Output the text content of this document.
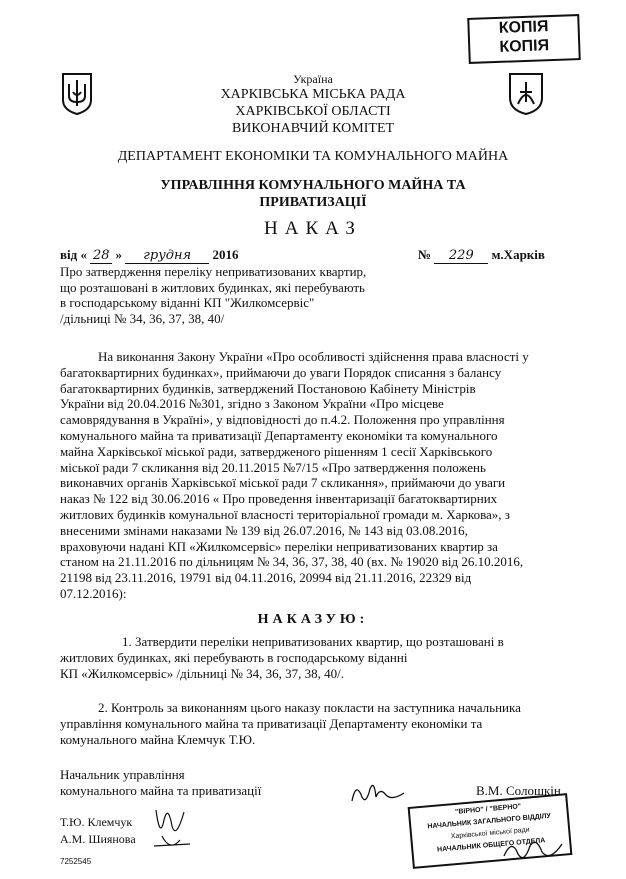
КОПІЯ
КОПІЯ
Україна
ХАРКІВСЬКА МІСЬКА РАДА
ХАРКІВСЬКОЇ ОБЛАСТІ
ВИКОНАВЧИЙ КОМІТЕТ
ДЕПАРТАМЕНТ ЕКОНОМІКИ ТА КОМУНАЛЬНОГО МАЙНА
УПРАВЛІННЯ КОМУНАЛЬНОГО МАЙНА ТА
ПРИВАТИЗАЦІЇ
НАКАЗ
від « 28 » грудня 2016	№ 229 м.Харків
Про затвердження переліку неприватизованих квартир,
що розташовані в житлових будинках, які перебувають
в господарському віданні КП "Жилкомсервіс"
/дільниці № 34, 36, 37, 38, 40/
На виконання Закону України «Про особливості здійснення права власності у
багатоквартирних будинках», приймаючи до уваги Порядок списання з балансу
багатоквартирних будинків, затверджений Постановою Кабінету Міністрів
України від 20.04.2016 №301, згідно з Законом України «Про місцеве
самоврядування в Україні», у відповідності до п.4.2. Положення про управління
комунального майна та приватизації Департаменту економіки та комунального
майна Харківської міської ради, затвердженого рішенням 1 сесії Харківського
міської ради 7 скликання від 20.11.2015 №7/15 «Про затвердження положень
виконавчих органів Харківської міської ради 7 скликання», приймаючи до уваги
наказ № 122 від 30.06.2016 « Про проведення інвентаризації багатоквартирних
житлових будинків комунальної власності територіальної громади м. Харкова», з
внесеними змінами наказами № 139 від 26.07.2016, № 143 від 03.08.2016,
враховуючи надані КП «Жилкомсервіс» переліки неприватизованих квартир за
станом на 21.11.2016 по дільницям № 34, 36, 37, 38, 40 (вх. № 19020 від 26.10.2016,
21198 від 23.11.2016, 19791 від 04.11.2016, 20994 від 21.11.2016, 22329 від
07.12.2016):
НАКАЗУЮ:
1. Затвердити переліки неприватизованих квартир, що розташовані в
житлових будинках, які перебувають в господарському віданні
КП «Жилкомсервіс» /дільниці № 34, 36, 37, 38, 40/.
2. Контроль за виконанням цього наказу покласти на заступника начальника
управління комунального майна та приватизації Департаменту економіки та
комунального майна Клемчук Т.Ю.
Начальник управління
комунального майна та приватизації	В.М. Солошкін
Т.Ю. Клемчук
А.М. Шиянова
7252545
"ВІРНО" / "ВЕРНО"
НАЧАЛЬНИК ЗАГАЛЬНОГО ВІДДІЛУ
Харківської міської ради
НАЧАЛЬНИК ОБЩЕГО ОТДЕЛА
